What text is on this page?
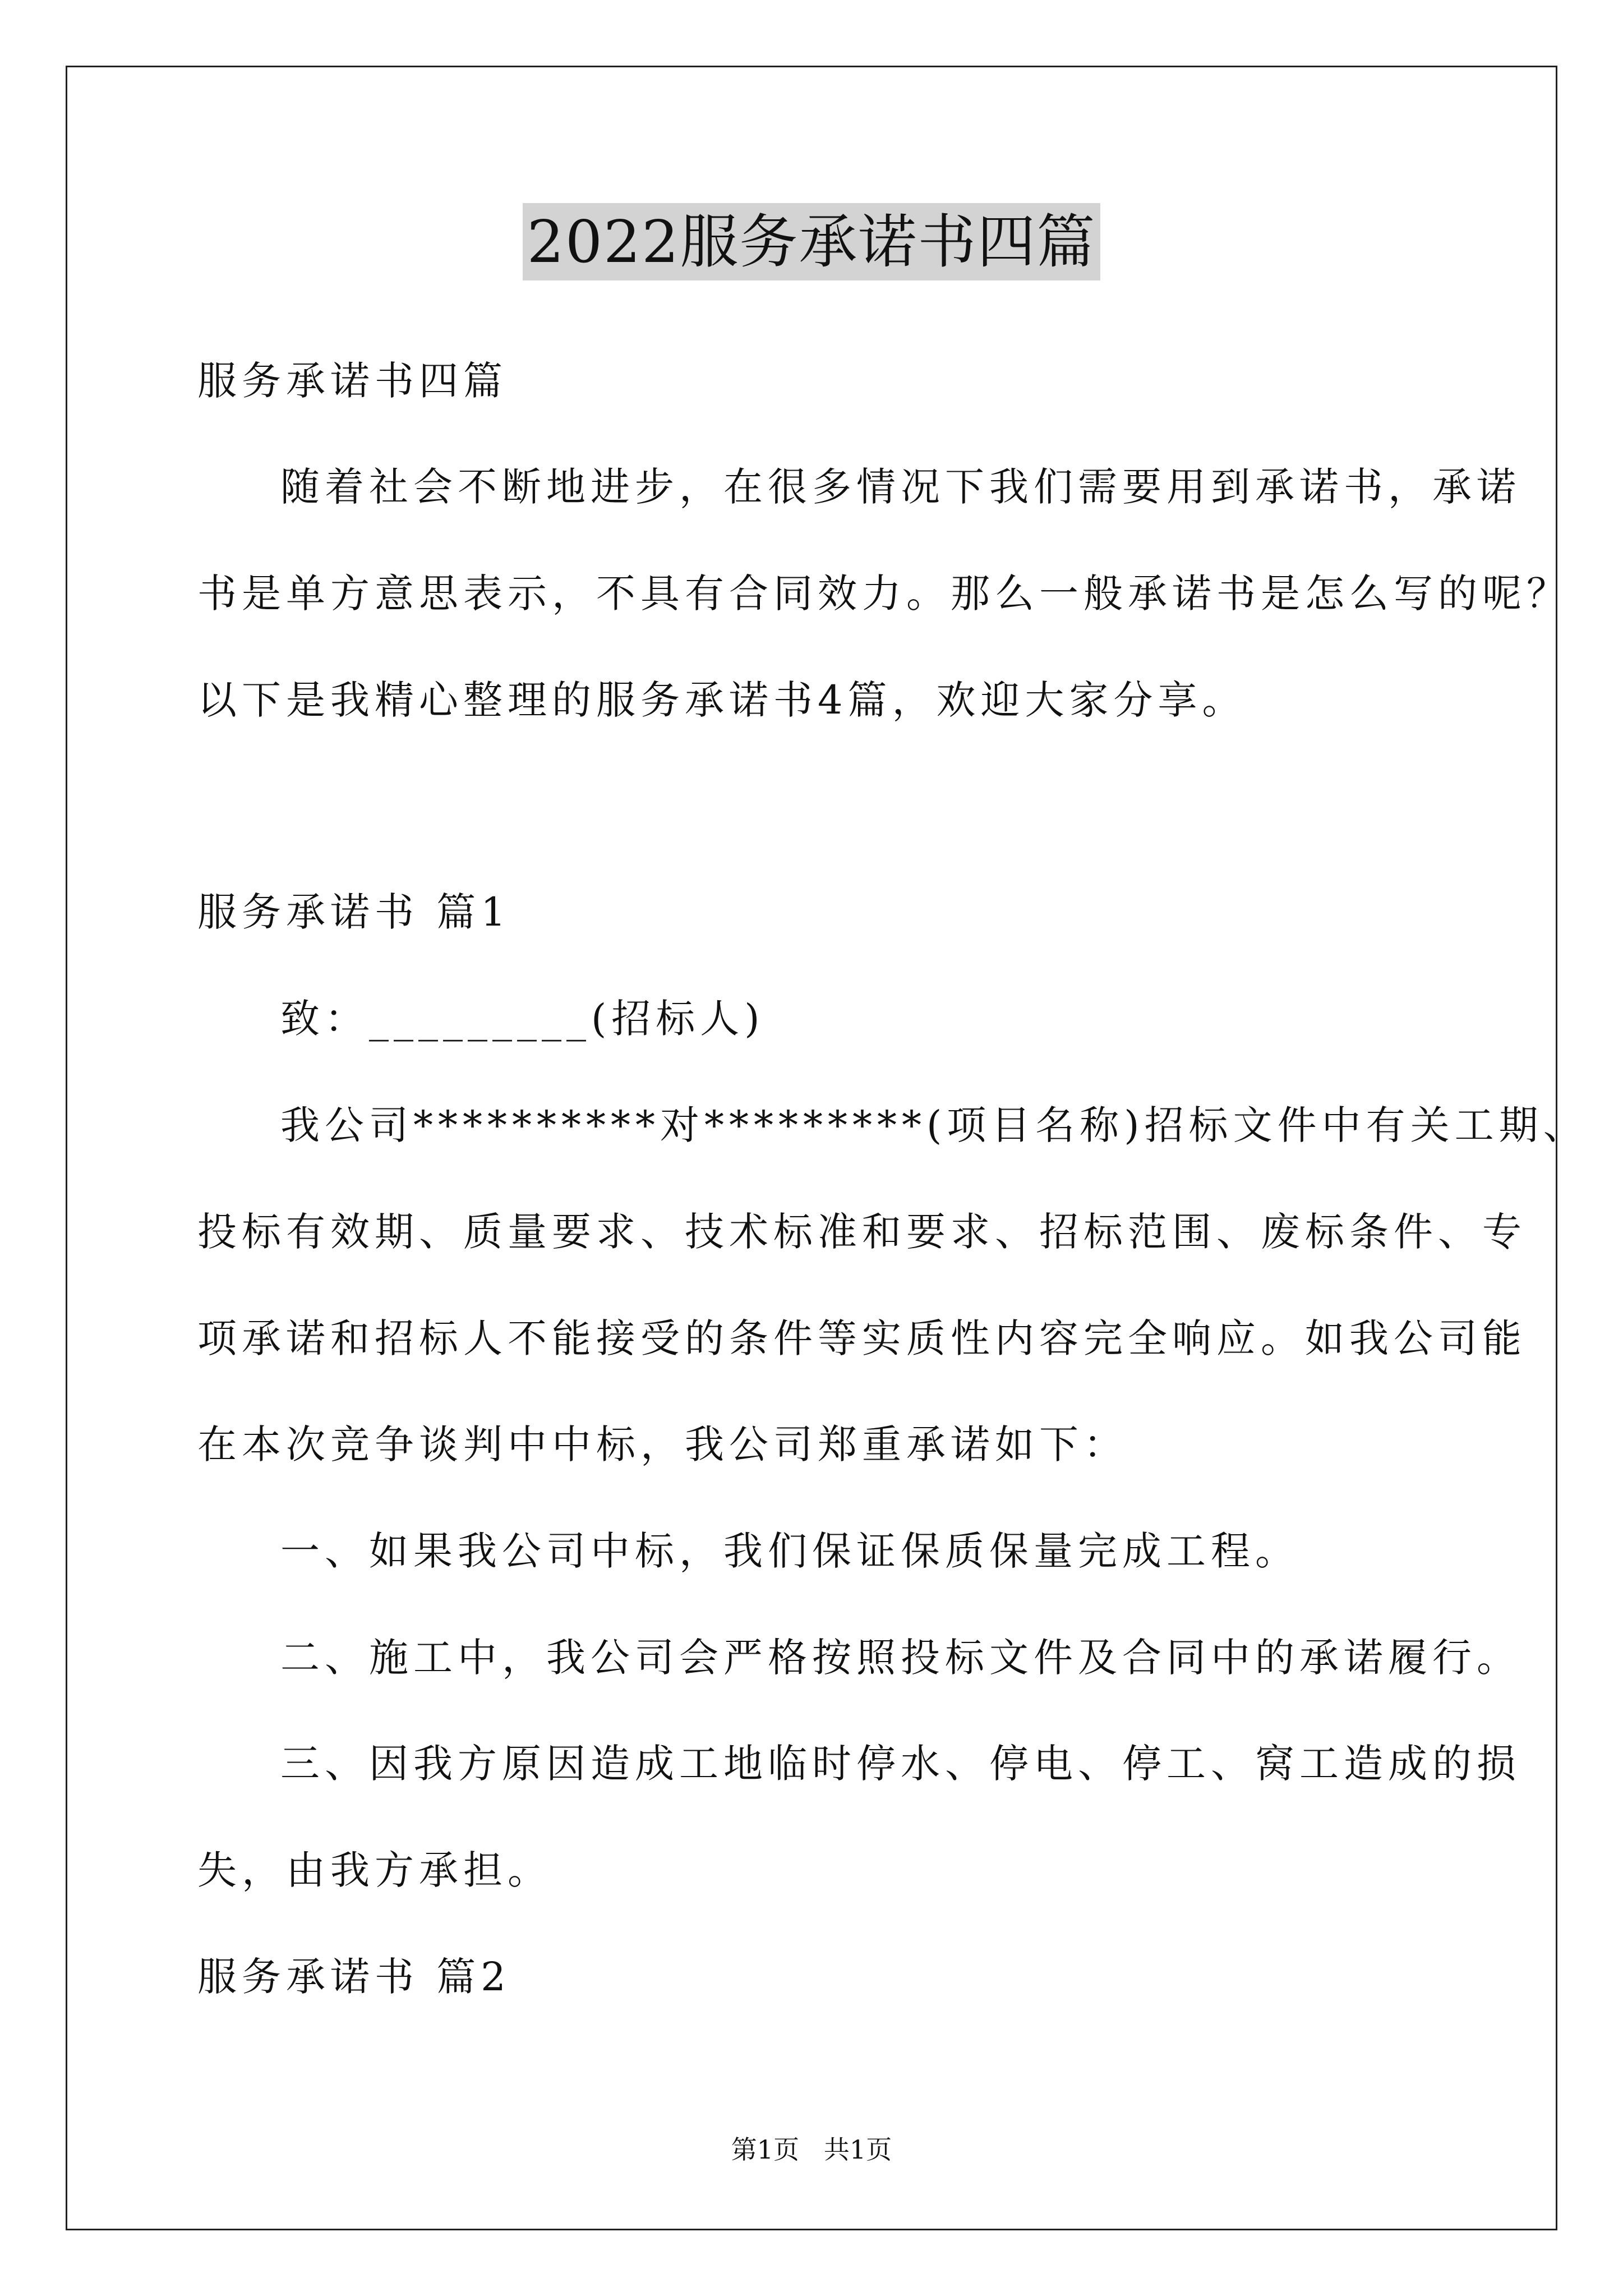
2022服务承诺书四篇
服务承诺书四篇
随着社会不断地进步，在很多情况下我们需要用到承诺书，承诺
书是单方意思表示，不具有合同效力。那么一般承诺书是怎么写的呢？
以下是我精心整理的服务承诺书4篇，欢迎大家分享。
服务承诺书 篇1
致：_________(招标人)
我公司**********对*********(项目名称)招标文件中有关工期、
投标有效期、质量要求、技术标准和要求、招标范围、废标条件、专
项承诺和招标人不能接受的条件等实质性内容完全响应。如我公司能
在本次竞争谈判中中标，我公司郑重承诺如下：
一、如果我公司中标，我们保证保质保量完成工程。
二、施工中，我公司会严格按照投标文件及合同中的承诺履行。
三、因我方原因造成工地临时停水、停电、停工、窝工造成的损
失，由我方承担。
服务承诺书 篇2
第1页   共1页
